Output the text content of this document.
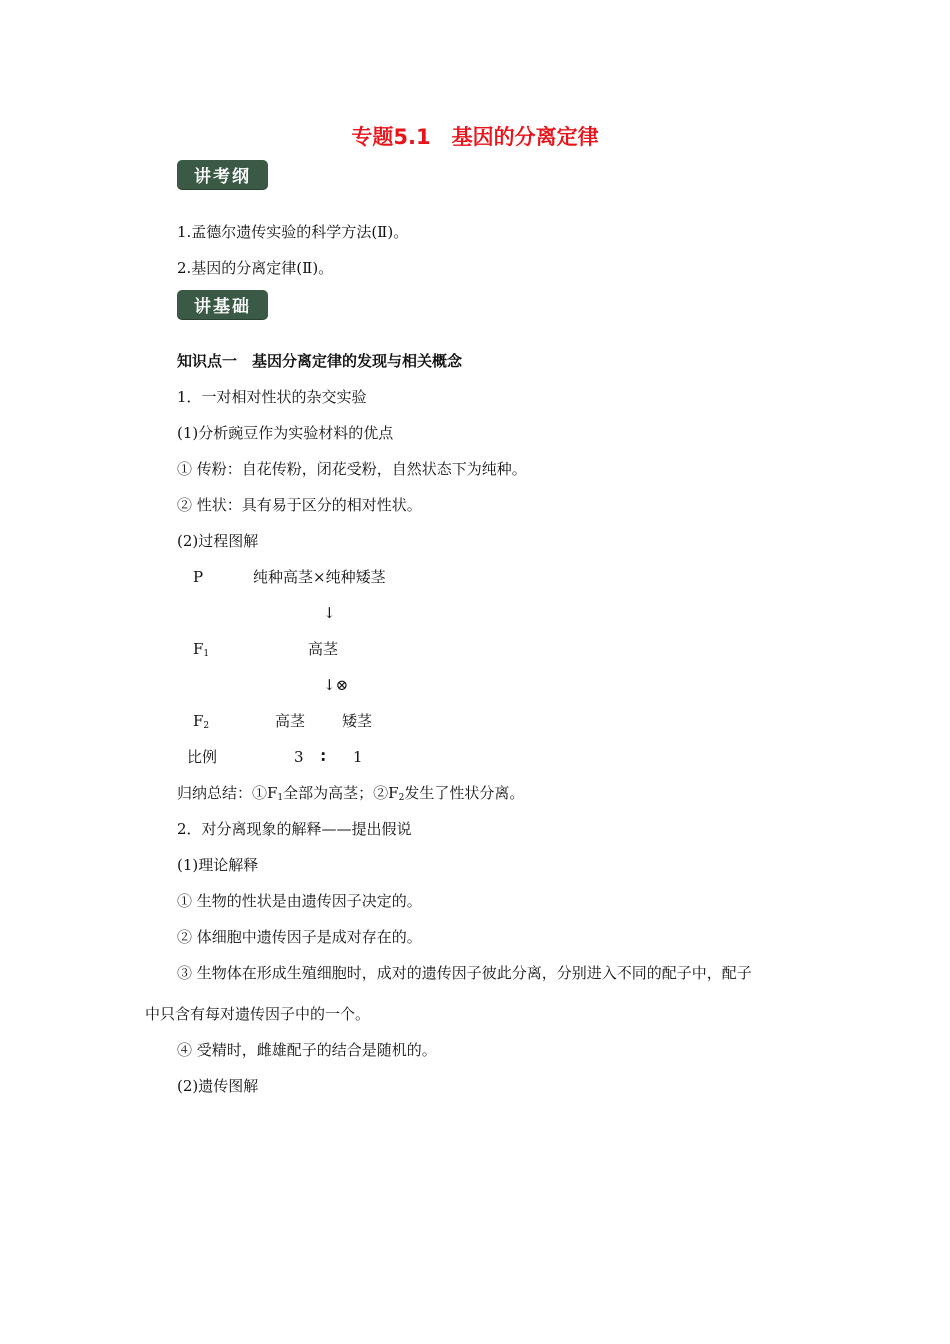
专题5.1　基因的分离定律
讲考纲
1.孟德尔遗传实验的科学方法(Ⅱ)。
2.基因的分离定律(Ⅱ)。
讲基础
知识点一　基因分离定律的发现与相关概念
1．一对相对性状的杂交实验
(1)分析豌豆作为实验材料的优点
① 传粉：自花传粉，闭花受粉，自然状态下为纯种。
② 性状：具有易于区分的相对性状。
(2)过程图解
P	纯种高茎×纯种矮茎
↓
$F_1$	高茎
↓⊗
$F_2$	高茎 矮茎
比例	3 ∶ 1
归纳总结：$①F_1$全部为高茎；$②F_2$发生了性状分离。
2．对分离现象的解释——提出假说
(1)理论解释
① 生物的性状是由遗传因子决定的。
② 体细胞中遗传因子是成对存在的。
③ 生物体在形成生殖细胞时，成对的遗传因子彼此分离，分别进入不同的配子中，配子
中只含有每对遗传因子中的一个。
④ 受精时，雌雄配子的结合是随机的。
(2)遗传图解
